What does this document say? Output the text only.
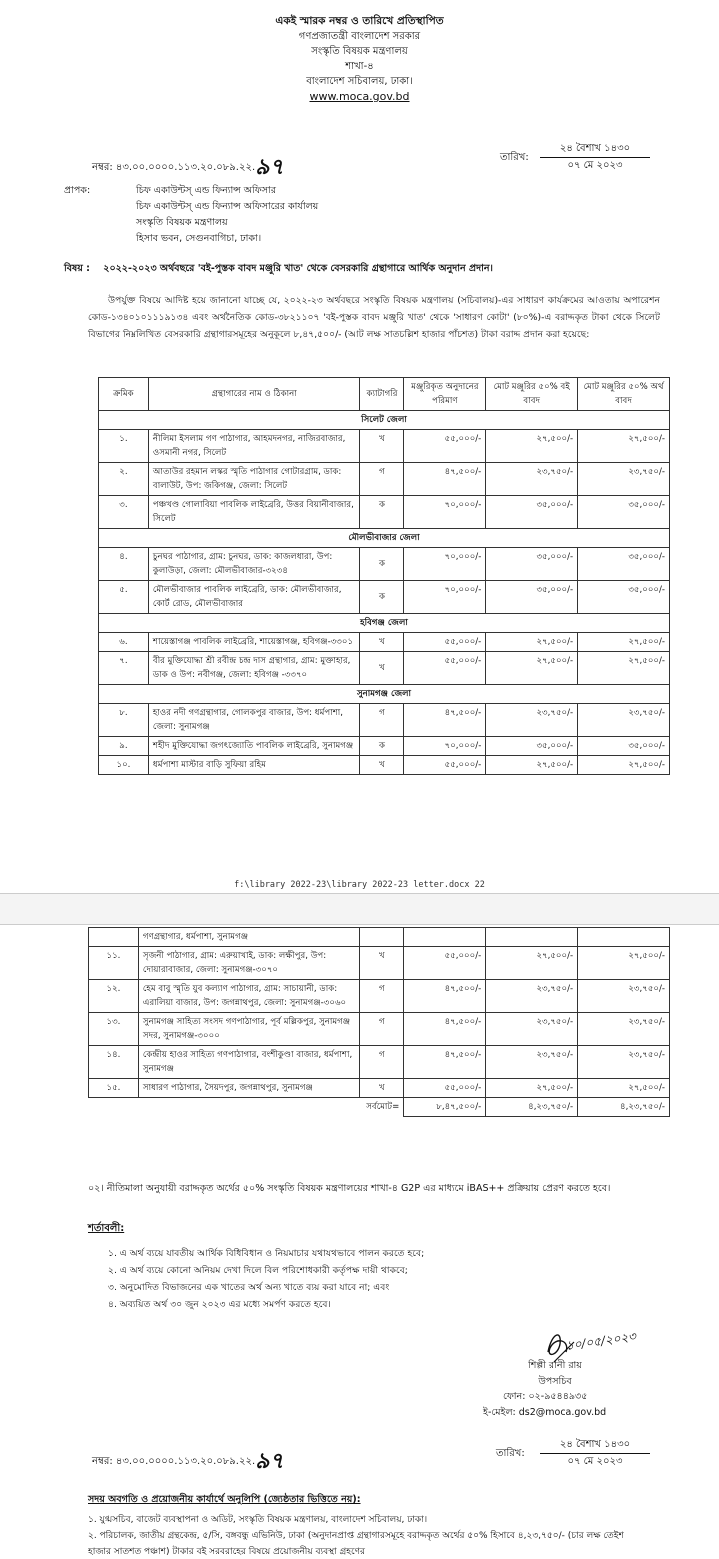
একই স্মারক নম্বর ও তারিখে প্রতিস্থাপিত
গণপ্রজাতন্ত্রী বাংলাদেশ সরকার
সংস্কৃতি বিষয়ক মন্ত্রণালয়
শাখা-৪
বাংলাদেশ সচিবালয়, ঢাকা।
www.moca.gov.bd
নম্বর: ৪৩.০০.০০০০.১১৩.২০.০৮৯.২২.৯৭	তারিখ:
২৪ বৈশাখ ১৪৩০
০৭ মে ২০২৩
প্রাপক:	চিফ একাউন্টস্ এন্ড ফিন্যান্স অফিসার
চিফ একাউন্টস্ এন্ড ফিন্যান্স অফিসারের কার্যালয়
সংস্কৃতি বিষয়ক মন্ত্রণালয়
হিসাব ভবন, সেগুনবাগিচা, ঢাকা।
বিষয় : ২০২২-২০২৩ অর্থবছরে 'বই-পুস্তক বাবদ মঞ্জুরি খাত' থেকে বেসরকারি গ্রন্থাগারে আর্থিক অনুদান প্রদান।
উপর্যুক্ত বিষয়ে আদিষ্ট হয়ে জানানো যাচ্ছে যে, ২০২২-২৩ অর্থবছরে সংস্কৃতি বিষয়ক মন্ত্রণালয় (সচিবালয়)-এর সাধারণ কার্যক্রমের আওতায় অপারেশন কোড-১৩৪০১০১১১৯১৩৪ এবং অর্থনৈতিক কোড-৩৮২১১০৭ 'বই-পুস্তক বাবদ মঞ্জুরি খাত' থেকে 'সাধারণ কোটা' (৮০%)-এ বরাদ্দকৃত টাকা থেকে সিলেট বিভাগের নিম্নলিখিত বেসরকারি গ্রন্থাগারসমূহের অনুকূলে ৮,৪৭,৫০০/- (আট লক্ষ সাতচল্লিশ হাজার পাঁচশত) টাকা বরাদ্দ প্রদান করা হয়েছে:
ক্রমিক	গ্রন্থাগারের নাম ও ঠিকানা	ক্যাটাগরি	মঞ্জুরিকৃত অনুদানের পরিমাণ	মোট মঞ্জুরির ৫০% বই বাবদ	মোট মঞ্জুরির ৫০% অর্থ বাবদ
সিলেট জেলা					
১.	নীলিমা ইসলাম গণ পাঠাগার, আহমদনগর, নাজিরবাজার, ওসমানী নগর, সিলেট	খ	৫৫,০০০/-	২৭,৫০০/-	২৭,৫০০/-
২.	আতাউর রহমান লস্কর স্মৃতি পাঠাগার গোটারগ্রাম, ডাক: বালাউট, উপ: জকিগঞ্জ, জেলা: সিলেট	গ	৪৭,৫০০/-	২৩,৭৫০/-	২৩,৭৫০/-
৩.	পঞ্চখণ্ড গোলাবিয়া পাবলিক লাইব্রেরি, উত্তর বিয়ানীবাজার, সিলেট	ক	৭০,০০০/-	৩৫,০০০/-	৩৫,০০০/-
মৌলভীবাজার জেলা					
৪.	চুনঘর পাঠাগার, গ্রাম: চুনঘর, ডাক: কাজলধারা, উপ: কুলাউড়া, জেলা: মৌলভীবাজার-৩২৩৪	ক	৭০,০০০/-	৩৫,০০০/-	৩৫,০০০/-
৫.	মৌলভীবাজার পাবলিক লাইব্রেরি, ডাক: মৌলভীবাজার, কোর্ট রোড, মৌলভীবাজার	ক	৭০,০০০/-	৩৫,০০০/-	৩৫,০০০/-
হবিগঞ্জ জেলা					
৬.	শায়েস্তাগঞ্জ পাবলিক লাইব্রেরি, শায়েস্তাগঞ্জ, হবিগঞ্জ-৩৩০১	খ	৫৫,০০০/-	২৭,৫০০/-	২৭,৫০০/-
৭.	বীর মুক্তিযোদ্ধা শ্রী রবীন্দ্র চন্দ্র দাস গ্রন্থাগার, গ্রাম: মুক্তাহার, ডাক ও উপ: নবীগঞ্জ, জেলা: হবিগঞ্জ -৩৩৭০	খ	৫৫,০০০/-	২৭,৫০০/-	২৭,৫০০/-
সুনামগঞ্জ জেলা					
৮.	হাওর নদী গণগ্রন্থাগার, গোলকপুর বাজার, উপ: ধর্মপাশা, জেলা: সুনামগঞ্জ	গ	৪৭,৫০০/-	২৩,৭৫০/-	২৩,৭৫০/-
৯.	শহীদ মুক্তিযোদ্ধা জগৎজ্যোতি পাবলিক লাইব্রেরি, সুনামগঞ্জ	ক	৭০,০০০/-	৩৫,০০০/-	৩৫,০০০/-
১০.	ধর্মপাশা মাস্টার বাড়ি সুফিয়া রহিম	খ	৫৫,০০০/-	২৭,৫০০/-	২৭,৫০০/-
f:\library 2022-23\library 2022-23 letter.docx 22
	গণগ্রন্থাগার, ধর্মপাশা, সুনামগঞ্জ				
১১.	সৃজনী পাঠাগার, গ্রাম: এরুয়াখাই, ডাক: লক্ষীপুর, উপ: দোয়ারাবাজার, জেলা: সুনামগঞ্জ-৩০৭০	খ	৫৫,০০০/-	২৭,৫০০/-	২৭,৫০০/-
১২.	হেম বাবু স্মৃতি যুব কল্যাণ পাঠাগার, গ্রাম: সাচায়ানী, ডাক: এরালিয়া বাজার, উপ: জগন্নাথপুর, জেলা: সুনামগঞ্জ-৩০৬০	গ	৪৭,৫০০/-	২৩,৭৫০/-	২৩,৭৫০/-
১৩.	সুনামগঞ্জ সাহিত্য সংসদ গণপাঠাগার, পূর্ব মল্লিকপুর, সুনামগঞ্জ সদর, সুনামগঞ্জ-৩০০০	গ	৪৭,৫০০/-	২৩,৭৫০/-	২৩,৭৫০/-
১৪.	কেন্দ্রীয় হাওর সাহিত্য গণপাঠাগার, বংশীকুণ্ডা বাজার, ধর্মপাশা, সুনামগঞ্জ	গ	৪৭,৫০০/-	২৩,৭৫০/-	২৩,৭৫০/-
১৫.	সাধারণ পাঠাগার, সৈয়দপুর, জগন্নাথপুর, সুনামগঞ্জ	খ	৫৫,০০০/-	২৭,৫০০/-	২৭,৫০০/-
সর্বমোট=			৮,৪৭,৫০০/-	৪,২৩,৭৫০/-	৪,২৩,৭৫০/-
০২। নীতিমালা অনুযায়ী বরাদ্দকৃত অর্থের ৫০% সংস্কৃতি বিষয়ক মন্ত্রণালয়ের শাখা-৪ G2P এর মাধ্যমে iBAS++ প্রক্রিয়ায় প্রেরণ করতে হবে।
শর্তাবলী:
১. এ অর্থ ব্যয়ে যাবতীয় আর্থিক বিধিবিধান ও নিয়মাচার যথাযথভাবে পালন করতে হবে;
২. এ অর্থ ব্যয়ে কোনো অনিয়ম দেখা দিলে বিল পরিশোধকারী কর্তৃপক্ষ দায়ী থাকবে;
৩. অনুমোদিত বিভাজনের এক খাতের অর্থ অন্য খাতে ব্যয় করা যাবে না; এবং
৪. অব্যয়িত অর্থ ৩০ জুন ২০২৩ এর মধ্যে সমর্পণ করতে হবে।
১০/০৫/২০২৩
শিল্পী রানী রায়
উপসচিব
ফোন: ০২-৯৫৪৪৯৩৫
ই-মেইল: ds2@moca.gov.bd
নম্বর: ৪৩.০০.০০০০.১১৩.২০.০৮৯.২২.৯৭	তারিখ:
২৪ বৈশাখ ১৪৩০
০৭ মে ২০২৩
সদয় অবগতি ও প্রয়োজনীয় কার্যার্থে অনুলিপি (জ্যেষ্ঠতার ভিত্তিতে নয়):
১. যুগ্মসচিব, বাজেট ব্যবস্থাপনা ও অডিট, সংস্কৃতি বিষয়ক মন্ত্রণালয়, বাংলাদেশ সচিবালয়, ঢাকা।
২. পরিচালক, জাতীয় গ্রন্থকেন্দ্র, ৫/সি, বঙ্গবন্ধু এভিনিউ, ঢাকা (অনুদানপ্রাপ্ত গ্রন্থাগারসমূহে বরাদ্দকৃত অর্থের ৫০% হিসাবে ৪,২৩,৭৫০/- (চার লক্ষ তেইশ হাজার সাতশত পঞ্চাশ) টাকার বই সরবরাহের বিষয়ে প্রয়োজনীয় ব্যবস্থা গ্রহণের
